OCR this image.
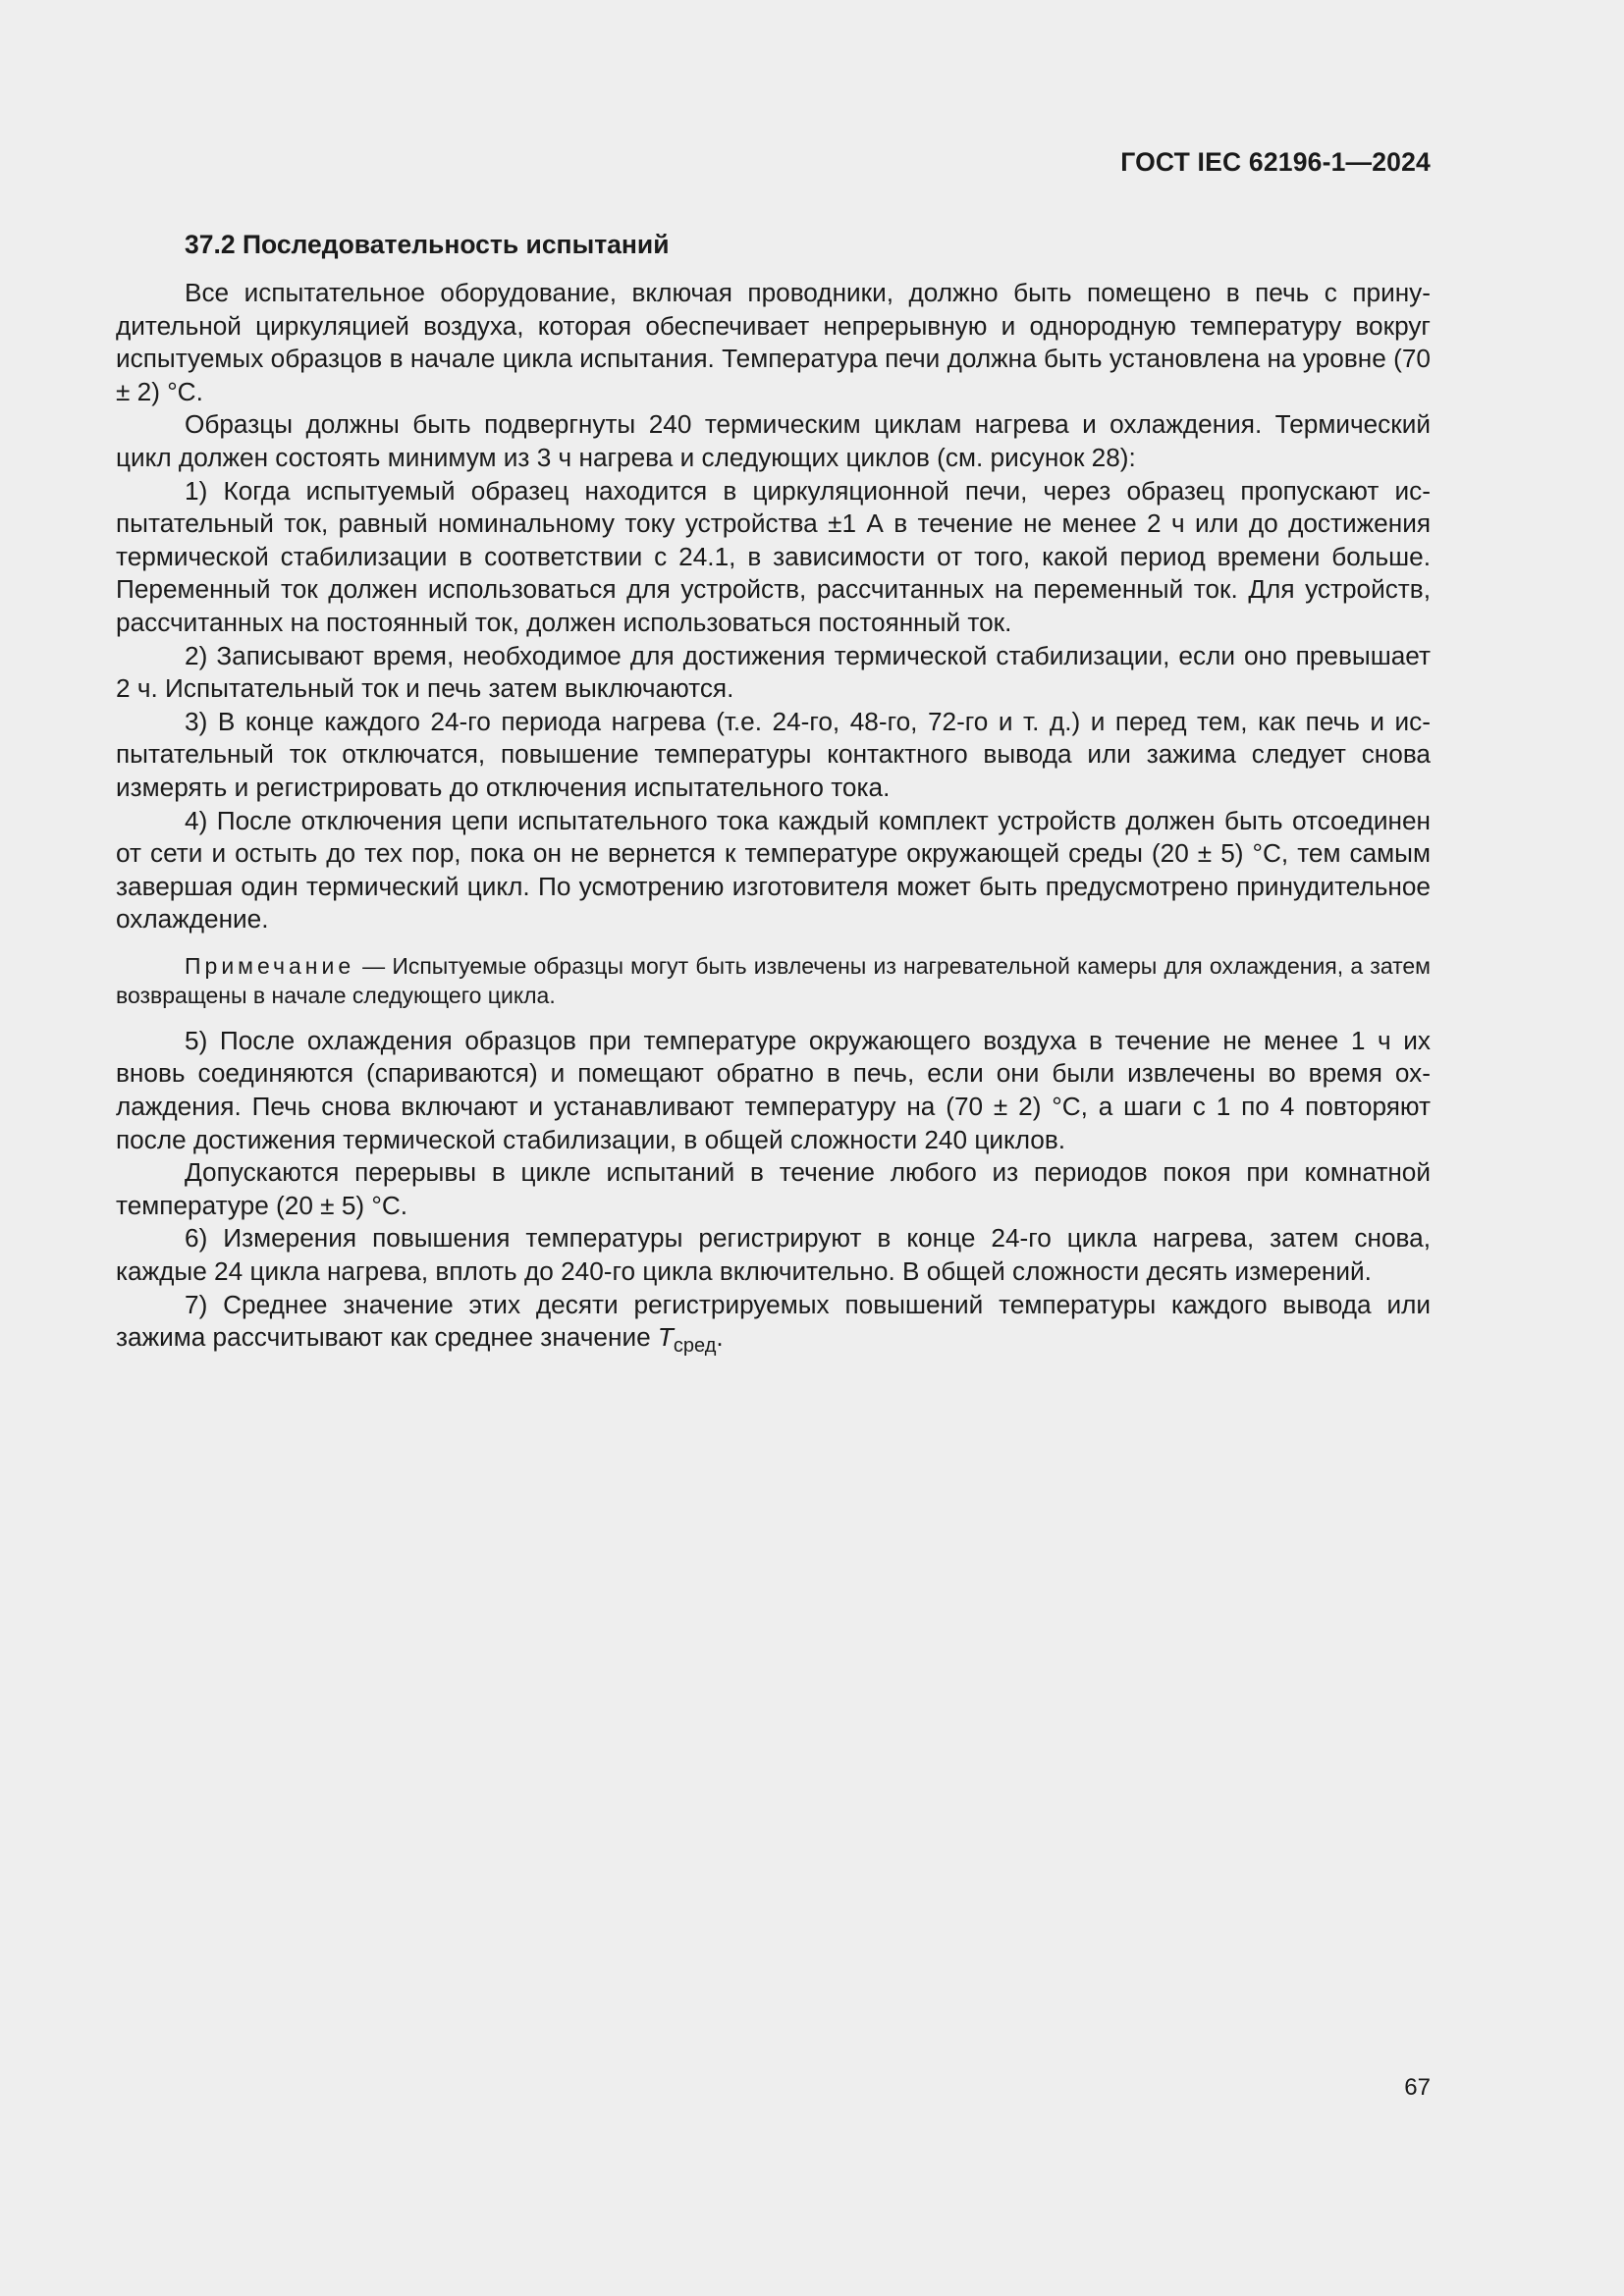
ГОСТ IEC 62196-1—2024
37.2 Последовательность испытаний

Все испытательное оборудование, включая проводники, должно быть помещено в печь с принудительной циркуляцией воздуха, которая обеспечивает непрерывную и однородную температуру вокруг испытуемых образцов в начале цикла испытания. Температура печи должна быть установлена на уровне (70 ± 2) °C.

Образцы должны быть подвергнуты 240 термическим циклам нагрева и охлаждения. Термический цикл должен состоять минимум из 3 ч нагрева и следующих циклов (см. рисунок 28):

1) Когда испытуемый образец находится в циркуляционной печи, через образец пропускают испытательный ток, равный номинальному току устройства ±1 А в течение не менее 2 ч или до достижения термической стабилизации в соответствии с 24.1, в зависимости от того, какой период времени больше. Переменный ток должен использоваться для устройств, рассчитанных на переменный ток. Для устройств, рассчитанных на постоянный ток, должен использоваться постоянный ток.

2) Записывают время, необходимое для достижения термической стабилизации, если оно превышает 2 ч. Испытательный ток и печь затем выключаются.

3) В конце каждого 24-го периода нагрева (т.е. 24-го, 48-го, 72-го и т. д.) и перед тем, как печь и испытательный ток отключатся, повышение температуры контактного вывода или зажима следует снова измерять и регистрировать до отключения испытательного тока.

4) После отключения цепи испытательного тока каждый комплект устройств должен быть отсоединен от сети и остыть до тех пор, пока он не вернется к температуре окружающей среды (20 ± 5) °C, тем самым завершая один термический цикл. По усмотрению изготовителя может быть предусмотрено принудительное охлаждение.

Примечание — Испытуемые образцы могут быть извлечены из нагревательной камеры для охлаждения, а затем возвращены в начале следующего цикла.

5) После охлаждения образцов при температуре окружающего воздуха в течение не менее 1 ч их вновь соединяются (спариваются) и помещают обратно в печь, если они были извлечены во время охлаждения. Печь снова включают и устанавливают температуру на (70 ± 2) °C, а шаги с 1 по 4 повторяют после достижения термической стабилизации, в общей сложности 240 циклов.

Допускаются перерывы в цикле испытаний в течение любого из периодов покоя при комнатной температуре (20 ± 5) °C.

6) Измерения повышения температуры регистрируют в конце 24-го цикла нагрева, затем снова, каждые 24 цикла нагрева, вплоть до 240-го цикла включительно. В общей сложности десять измерений.

7) Среднее значение этих десяти регистрируемых повышений температуры каждого вывода или зажима рассчитывают как среднее значение $T_{сред}$.

67
